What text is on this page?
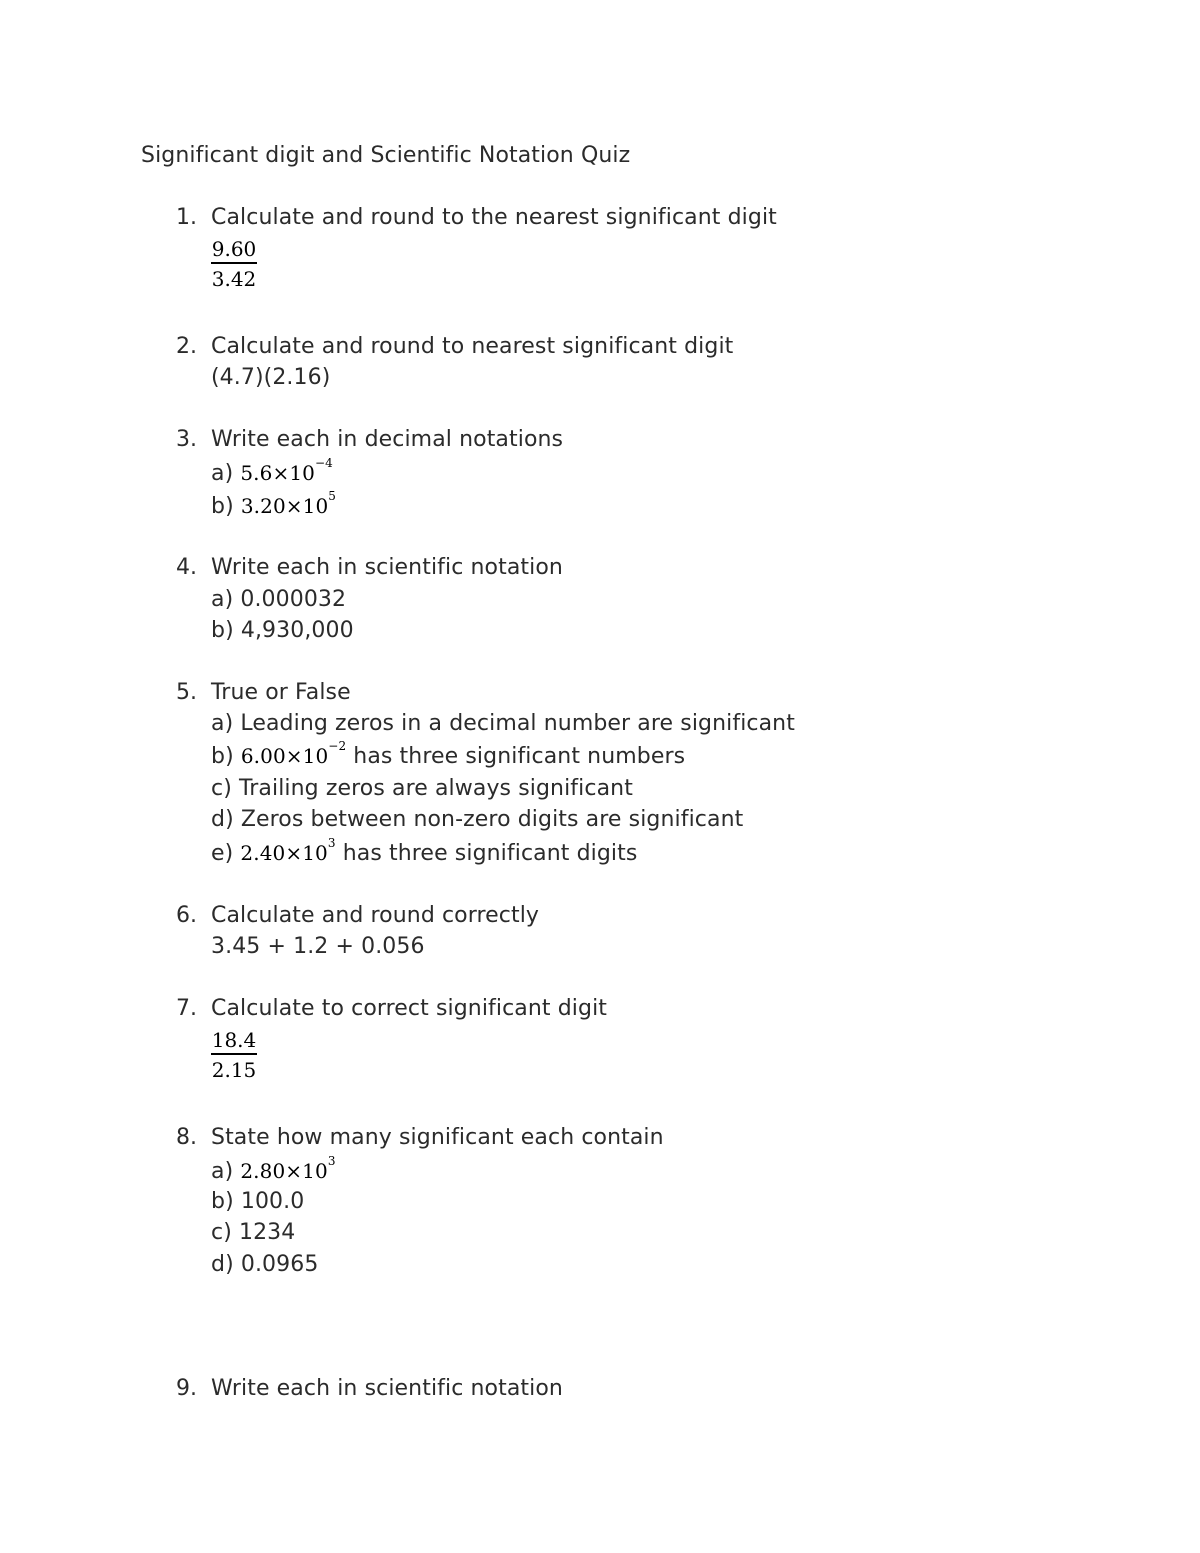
Significant digit and Scientific Notation Quiz
1. Calculate and round to the nearest significant digit
$\frac{9.60}{3.42}$
2. Calculate and round to nearest significant digit
(4.7)(2.16)
3. Write each in decimal notations
a) $5.6\times 10^{-4}$
b) $3.20\times 10^5$
4. Write each in scientific notation
a) 0.000032
b) 4,930,000
5. True or False
a) Leading zeros in a decimal number are significant
b) $6.00\times 10^{-2}$ has three significant numbers
c) Trailing zeros are always significant
d) Zeros between non-zero digits are significant
e) $2.40\times 10^3$ has three significant digits
6. Calculate and round correctly
3.45 + 1.2 + 0.056
7. Calculate to correct significant digit
$\frac{18.4}{2.15}$
8. State how many significant each contain
a) $2.80\times 10^3$
b) 100.0
c) 1234
d) 0.0965
9. Write each in scientific notation
